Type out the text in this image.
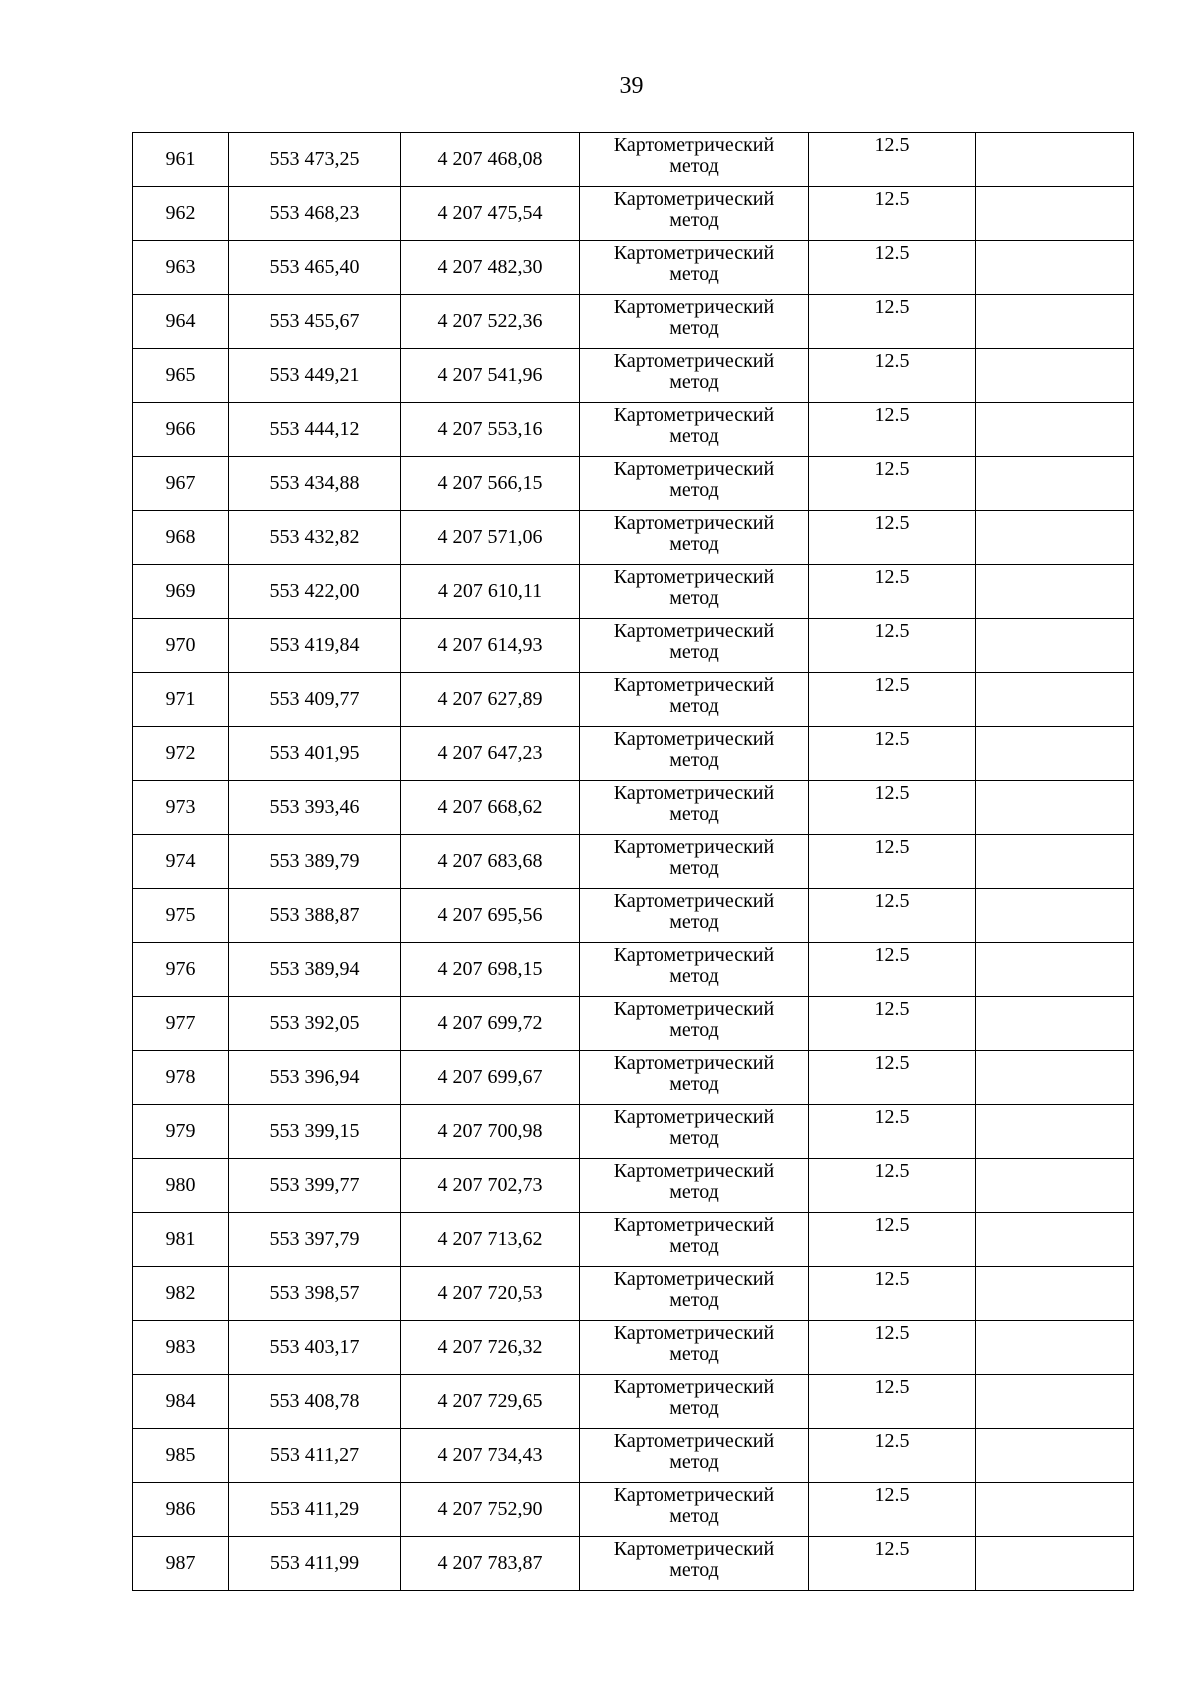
39
961	553 473,25	4 207 468,08	Картометрический
метод	12.5	
962	553 468,23	4 207 475,54	Картометрический
метод	12.5	
963	553 465,40	4 207 482,30	Картометрический
метод	12.5	
964	553 455,67	4 207 522,36	Картометрический
метод	12.5	
965	553 449,21	4 207 541,96	Картометрический
метод	12.5	
966	553 444,12	4 207 553,16	Картометрический
метод	12.5	
967	553 434,88	4 207 566,15	Картометрический
метод	12.5	
968	553 432,82	4 207 571,06	Картометрический
метод	12.5	
969	553 422,00	4 207 610,11	Картометрический
метод	12.5	
970	553 419,84	4 207 614,93	Картометрический
метод	12.5	
971	553 409,77	4 207 627,89	Картометрический
метод	12.5	
972	553 401,95	4 207 647,23	Картометрический
метод	12.5	
973	553 393,46	4 207 668,62	Картометрический
метод	12.5	
974	553 389,79	4 207 683,68	Картометрический
метод	12.5	
975	553 388,87	4 207 695,56	Картометрический
метод	12.5	
976	553 389,94	4 207 698,15	Картометрический
метод	12.5	
977	553 392,05	4 207 699,72	Картометрический
метод	12.5	
978	553 396,94	4 207 699,67	Картометрический
метод	12.5	
979	553 399,15	4 207 700,98	Картометрический
метод	12.5	
980	553 399,77	4 207 702,73	Картометрический
метод	12.5	
981	553 397,79	4 207 713,62	Картометрический
метод	12.5	
982	553 398,57	4 207 720,53	Картометрический
метод	12.5	
983	553 403,17	4 207 726,32	Картометрический
метод	12.5	
984	553 408,78	4 207 729,65	Картометрический
метод	12.5	
985	553 411,27	4 207 734,43	Картометрический
метод	12.5	
986	553 411,29	4 207 752,90	Картометрический
метод	12.5	
987	553 411,99	4 207 783,87	Картометрический
метод	12.5	
